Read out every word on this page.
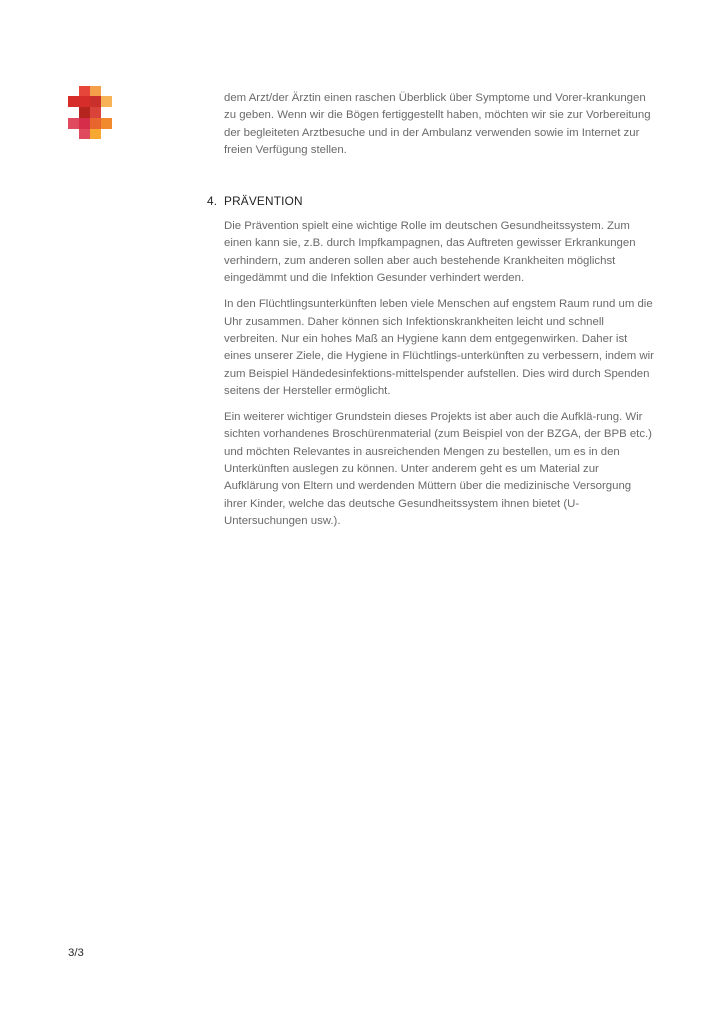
dem Arzt/der Ärztin einen raschen Überblick über Symptome und Vorer-krankungen zu geben. Wenn wir die Bögen fertiggestellt haben, möchten wir sie zur Vorbereitung der begleiteten Arztbesuche und in der Ambulanz verwenden sowie im Internet zur freien Verfügung stellen.

4. PRÄVENTION

Die Prävention spielt eine wichtige Rolle im deutschen Gesundheitssystem. Zum einen kann sie, z.B. durch Impfkampagnen, das Auftreten gewisser Erkrankungen verhindern, zum anderen sollen aber auch bestehende Krankheiten möglichst eingedämmt und die Infektion Gesunder verhindert werden.

In den Flüchtlingsunterkünften leben viele Menschen auf engstem Raum rund um die Uhr zusammen. Daher können sich Infektionskrankheiten leicht und schnell verbreiten. Nur ein hohes Maß an Hygiene kann dem entgegenwirken. Daher ist eines unserer Ziele, die Hygiene in Flüchtlings-unterkünften zu verbessern, indem wir zum Beispiel Händedesinfektions-mittelspender aufstellen. Dies wird durch Spenden seitens der Hersteller ermöglicht.

Ein weiterer wichtiger Grundstein dieses Projekts ist aber auch die Aufklä-rung. Wir sichten vorhandenes Broschürenmaterial (zum Beispiel von der BZGA, der BPB etc.) und möchten Relevantes in ausreichenden Mengen zu bestellen, um es in den Unterkünften auslegen zu können. Unter anderem geht es um Material zur Aufklärung von Eltern und werdenden Müttern über die medizinische Versorgung ihrer Kinder, welche das deutsche Gesundheitssystem ihnen bietet (U-Untersuchungen usw.).

3/3
